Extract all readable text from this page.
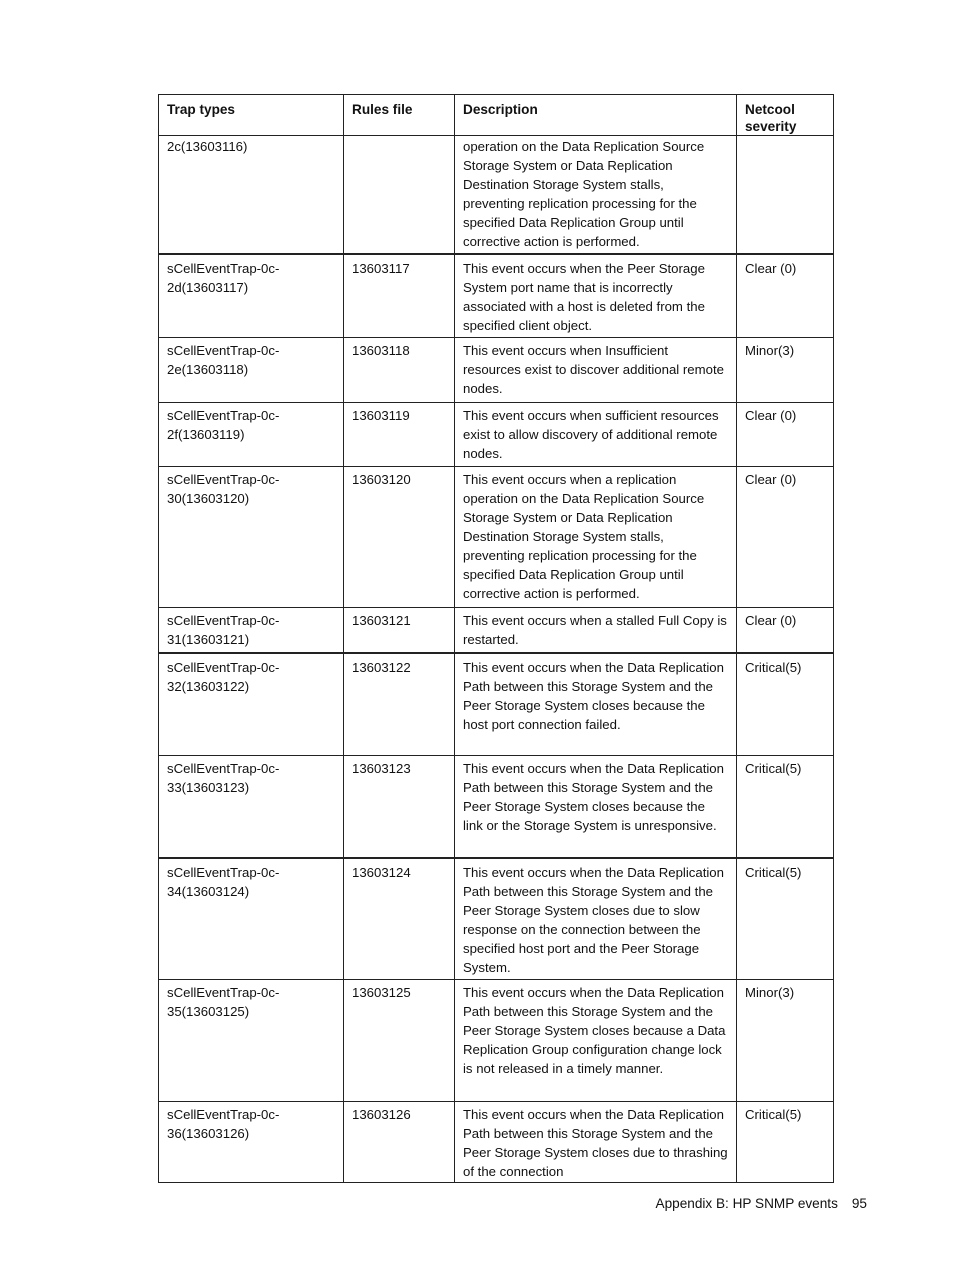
Trap types	Rules file	Description	Netcool severity
2c(13603116)		operation on the Data Replication Source Storage System or Data Replication Destination Storage System stalls, preventing replication processing for the specified Data Replication Group until corrective action is performed.	
sCellEventTrap-0c-2d(13603117)	13603117	This event occurs when the Peer Storage System port name that is incorrectly associated with a host is deleted from the specified client object.	Clear (0)
sCellEventTrap-0c-2e(13603118)	13603118	This event occurs when Insufficient resources exist to discover additional remote nodes.	Minor(3)
sCellEventTrap-0c-2f(13603119)	13603119	This event occurs when sufficient resources exist to allow discovery of additional remote nodes.	Clear (0)
sCellEventTrap-0c-30(13603120)	13603120	This event occurs when a replication operation on the Data Replication Source Storage System or Data Replication Destination Storage System stalls, preventing replication processing for the specified Data Replication Group until corrective action is performed.	Clear (0)
sCellEventTrap-0c-31(13603121)	13603121	This event occurs when a stalled Full Copy is restarted.	Clear (0)
sCellEventTrap-0c-32(13603122)	13603122	This event occurs when the Data Replication Path between this Storage System and the Peer Storage System closes because the host port connection failed.	Critical(5)
sCellEventTrap-0c-33(13603123)	13603123	This event occurs when the Data Replication Path between this Storage System and the Peer Storage System closes because the link or the Storage System is unresponsive.	Critical(5)
sCellEventTrap-0c-34(13603124)	13603124	This event occurs when the Data Replication Path between this Storage System and the Peer Storage System closes due to slow response on the connection between the specified host port and the Peer Storage System.	Critical(5)
sCellEventTrap-0c-35(13603125)	13603125	This event occurs when the Data Replication Path between this Storage System and the Peer Storage System closes because a Data Replication Group configuration change lock is not released in a timely manner.	Minor(3)
sCellEventTrap-0c-36(13603126)	13603126	This event occurs when the Data Replication Path between this Storage System and the Peer Storage System closes due to thrashing of the connection	Critical(5)
Appendix B: HP SNMP events 95
